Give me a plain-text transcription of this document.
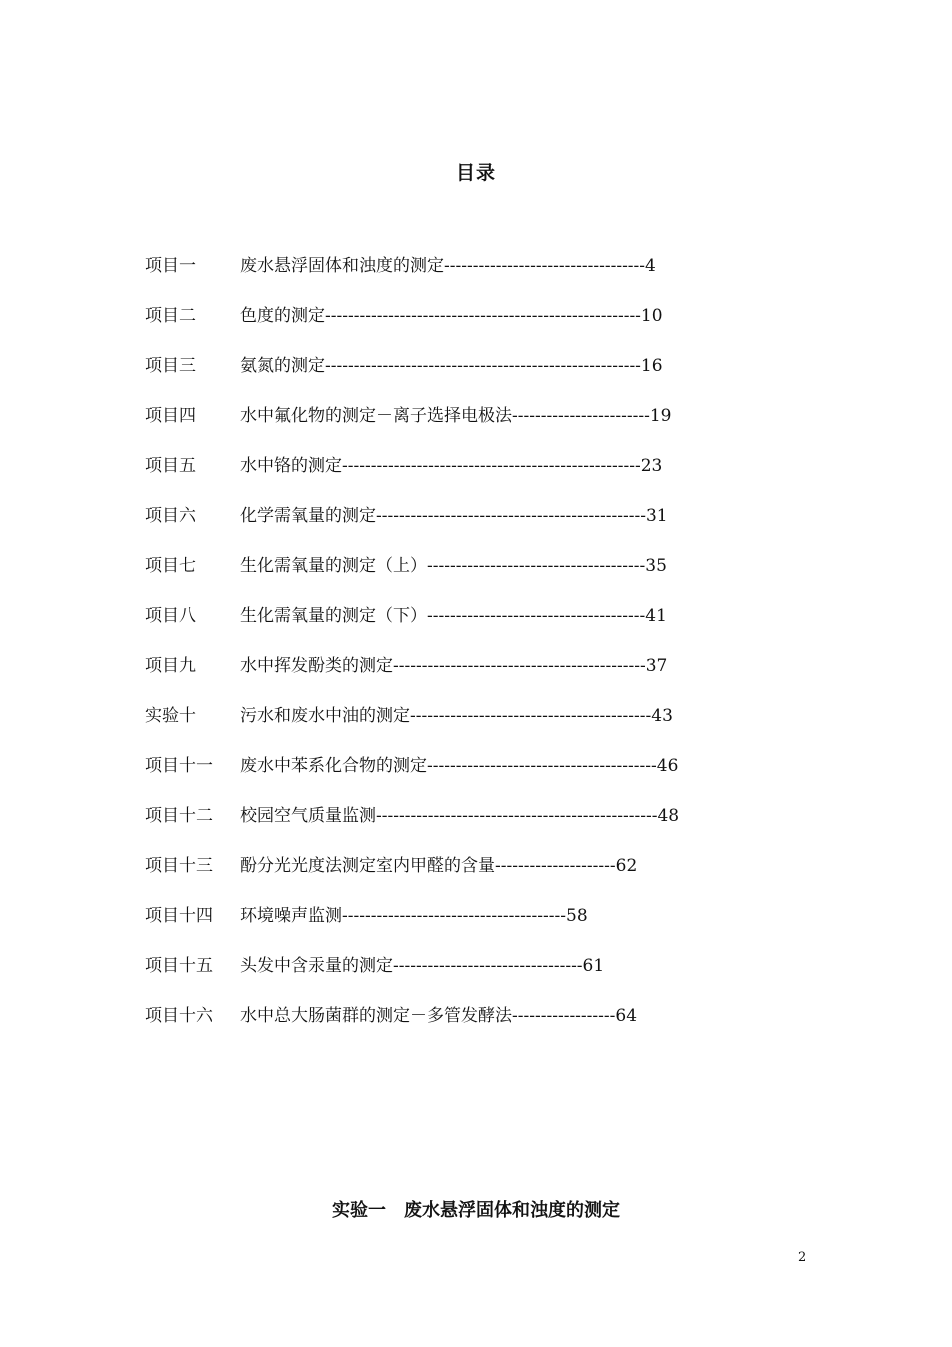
目录
项目一	废水悬浮固体和浊度的测定-----------------------------------4
项目二	色度的测定-------------------------------------------------------10
项目三	氨氮的测定-------------------------------------------------------16
项目四	水中氟化物的测定－离子选择电极法------------------------19
项目五	水中铬的测定----------------------------------------------------23
项目六	化学需氧量的测定-----------------------------------------------31
项目七	生化需氧量的测定（上）--------------------------------------35
项目八	生化需氧量的测定（下）--------------------------------------41
项目九	水中挥发酚类的测定--------------------------------------------37
实验十	污水和废水中油的测定------------------------------------------43
项目十一	废水中苯系化合物的测定----------------------------------------46
项目十二	校园空气质量监测-------------------------------------------------48
项目十三	酚分光光度法测定室内甲醛的含量---------------------62
项目十四	环境噪声监测---------------------------------------58
项目十五	头发中含汞量的测定---------------------------------61
项目十六	水中总大肠菌群的测定－多管发酵法------------------64
实验一　废水悬浮固体和浊度的测定
2
